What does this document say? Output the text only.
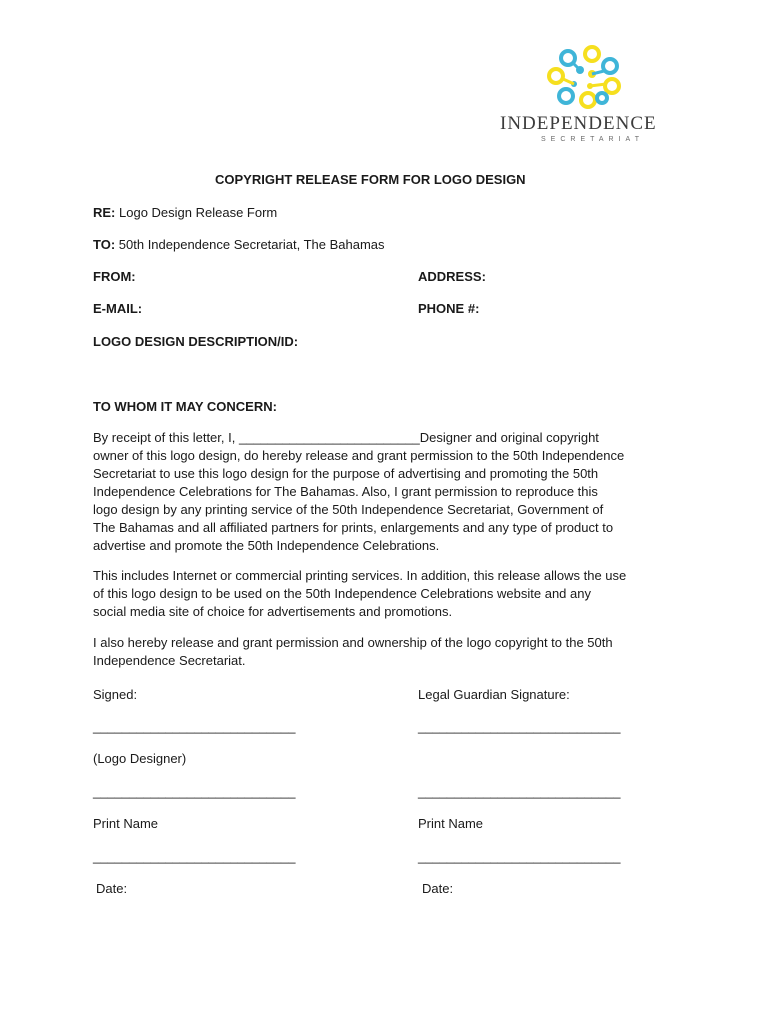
INDEPENDENCE
SECRETARIAT
COPYRIGHT RELEASE FORM FOR LOGO DESIGN
RE: Logo Design Release Form
TO: 50th Independence Secretariat, The Bahamas
FROM:	ADDRESS:
E-MAIL:	PHONE #:
LOGO DESIGN DESCRIPTION/ID:
TO WHOM IT MAY CONCERN:
By receipt of this letter, I, _________________________Designer and original copyright
owner of this logo design, do hereby release and grant permission to the 50th Independence
Secretariat to use this logo design for the purpose of advertising and promoting the 50th
Independence Celebrations for The Bahamas. Also, I grant permission to reproduce this
logo design by any printing service of the 50th Independence Secretariat, Government of
The Bahamas and all affiliated partners for prints, enlargements and any type of product to
advertise and promote the 50th Independence Celebrations.
This includes Internet or commercial printing services. In addition, this release allows the use
of this logo design to be used on the 50th Independence Celebrations website and any
social media site of choice for advertisements and promotions.
I also hereby release and grant permission and ownership of the logo copyright to the 50th
Independence Secretariat.
Signed:	Legal Guardian Signature:
____________________________	____________________________
(Logo Designer)
____________________________	____________________________
Print Name	Print Name
____________________________	____________________________
Date:	Date:
